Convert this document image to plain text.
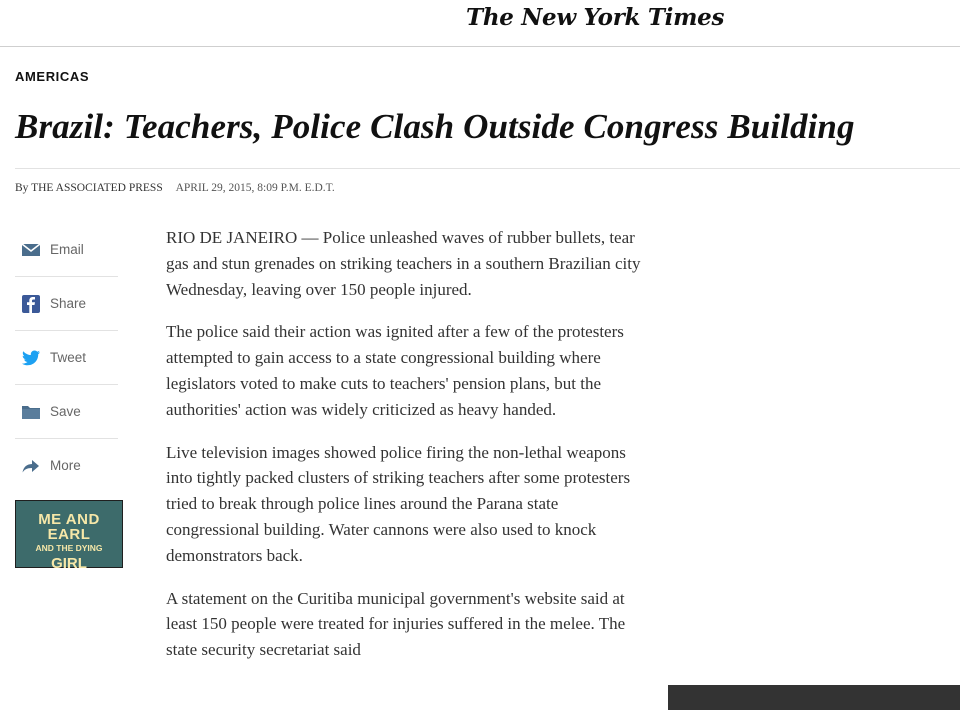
The New York Times
AMERICAS
Brazil: Teachers, Police Clash Outside Congress Building
By THE ASSOCIATED PRESS APRIL 29, 2015, 8:09 P.M. E.D.T.
Email
Share
Tweet
Save
More
ME AND EARL
AND THE DYING
GIRL

RIO DE JANEIRO — Police unleashed waves of rubber bullets, tear gas and stun grenades on striking teachers in a southern Brazilian city Wednesday, leaving over 150 people injured.

The police said their action was ignited after a few of the protesters attempted to gain access to a state congressional building where legislators voted to make cuts to teachers' pension plans, but the authorities' action was widely criticized as heavy handed.

Live television images showed police firing the non-lethal weapons into tightly packed clusters of striking teachers after some protesters tried to break through police lines around the Parana state congressional building. Water cannons were also used to knock demonstrators back.

A statement on the Curitiba municipal government's website said at least 150 people were treated for injuries suffered in the melee. The state security secretariat said
